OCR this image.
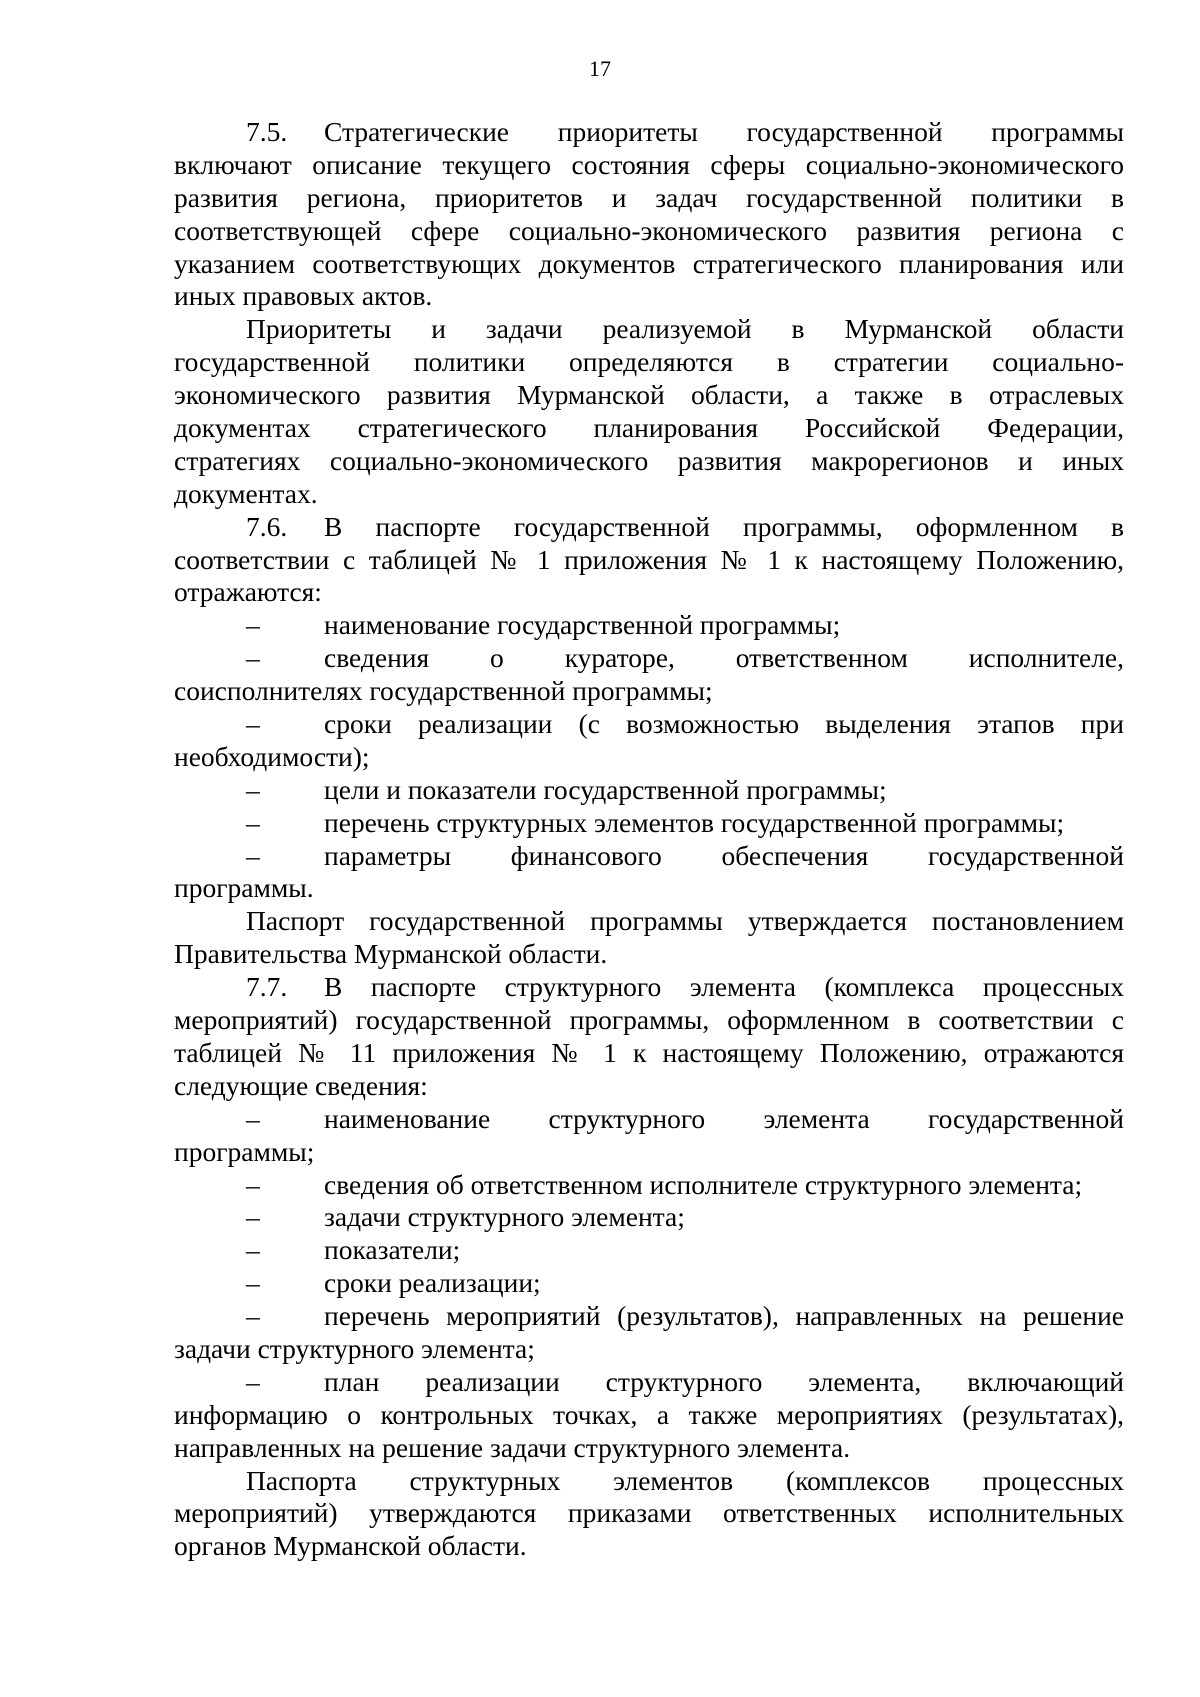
17
7.5. Стратегические приоритеты государственной программы
включают описание текущего состояния сферы социально-экономического
развития региона, приоритетов и задач государственной политики в
соответствующей сфере социально-экономического развития региона с
указанием соответствующих документов стратегического планирования или
иных правовых актов.
Приоритеты и задачи реализуемой в Мурманской области
государственной политики определяются в стратегии социально-
экономического развития Мурманской области, а также в отраслевых
документах стратегического планирования Российской Федерации,
стратегиях социально-экономического развития макрорегионов и иных
документах.
7.6. В паспорте государственной программы, оформленном в
соответствии с таблицей № 1 приложения № 1 к настоящему Положению,
отражаются:
– наименование государственной программы;
– сведения о кураторе, ответственном исполнителе,
соисполнителях государственной программы;
– сроки реализации (с возможностью выделения этапов при
необходимости);
– цели и показатели государственной программы;
– перечень структурных элементов государственной программы;
– параметры финансового обеспечения государственной
программы.
Паспорт государственной программы утверждается постановлением
Правительства Мурманской области.
7.7. В паспорте структурного элемента (комплекса процессных
мероприятий) государственной программы, оформленном в соответствии с
таблицей № 11 приложения № 1 к настоящему Положению, отражаются
следующие сведения:
– наименование структурного элемента государственной
программы;
– сведения об ответственном исполнителе структурного элемента;
– задачи структурного элемента;
– показатели;
– сроки реализации;
– перечень мероприятий (результатов), направленных на решение
задачи структурного элемента;
– план реализации структурного элемента, включающий
информацию о контрольных точках, а также мероприятиях (результатах),
направленных на решение задачи структурного элемента.
Паспорта структурных элементов (комплексов процессных
мероприятий) утверждаются приказами ответственных исполнительных
органов Мурманской области.
